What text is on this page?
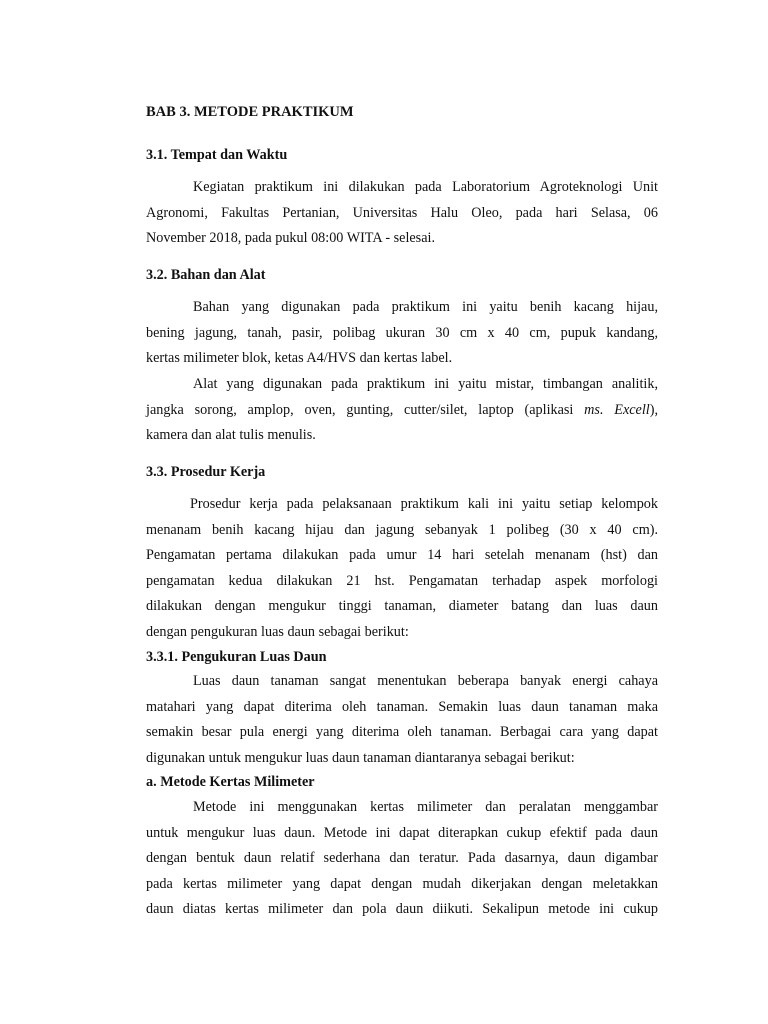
BAB 3. METODE PRAKTIKUM
3.1. Tempat dan Waktu
Kegiatan praktikum ini dilakukan pada Laboratorium Agroteknologi Unit
Agronomi, Fakultas Pertanian, Universitas Halu Oleo, pada hari Selasa, 06
November 2018, pada pukul 08:00 WITA - selesai.
3.2. Bahan dan Alat
Bahan yang digunakan pada praktikum ini yaitu benih kacang hijau,
bening jagung, tanah, pasir, polibag ukuran 30 cm x 40 cm, pupuk kandang,
kertas milimeter blok, ketas A4/HVS dan kertas label.
Alat yang digunakan pada praktikum ini yaitu mistar, timbangan analitik,
jangka sorong, amplop, oven, gunting, cutter/silet, laptop (aplikasi ms. Excell),
kamera dan alat tulis menulis.
3.3. Prosedur Kerja
Prosedur kerja pada pelaksanaan praktikum kali ini yaitu setiap kelompok
menanam benih kacang hijau dan jagung sebanyak 1 polibeg (30 x 40 cm).
Pengamatan pertama dilakukan pada umur 14 hari setelah menanam (hst) dan
pengamatan kedua dilakukan 21 hst. Pengamatan terhadap aspek morfologi
dilakukan dengan mengukur tinggi tanaman, diameter batang dan luas daun
dengan pengukuran luas daun sebagai berikut:
3.3.1. Pengukuran Luas Daun
Luas daun tanaman sangat menentukan beberapa banyak energi cahaya
matahari yang dapat diterima oleh tanaman. Semakin luas daun tanaman maka
semakin besar pula energi yang diterima oleh tanaman. Berbagai cara yang dapat
digunakan untuk mengukur luas daun tanaman diantaranya sebagai berikut:
a. Metode Kertas Milimeter
Metode ini menggunakan kertas milimeter dan peralatan menggambar
untuk mengukur luas daun. Metode ini dapat diterapkan cukup efektif pada daun
dengan bentuk daun relatif sederhana dan teratur. Pada dasarnya, daun digambar
pada kertas milimeter yang dapat dengan mudah dikerjakan dengan meletakkan
daun diatas kertas milimeter dan pola daun diikuti. Sekalipun metode ini cukup
